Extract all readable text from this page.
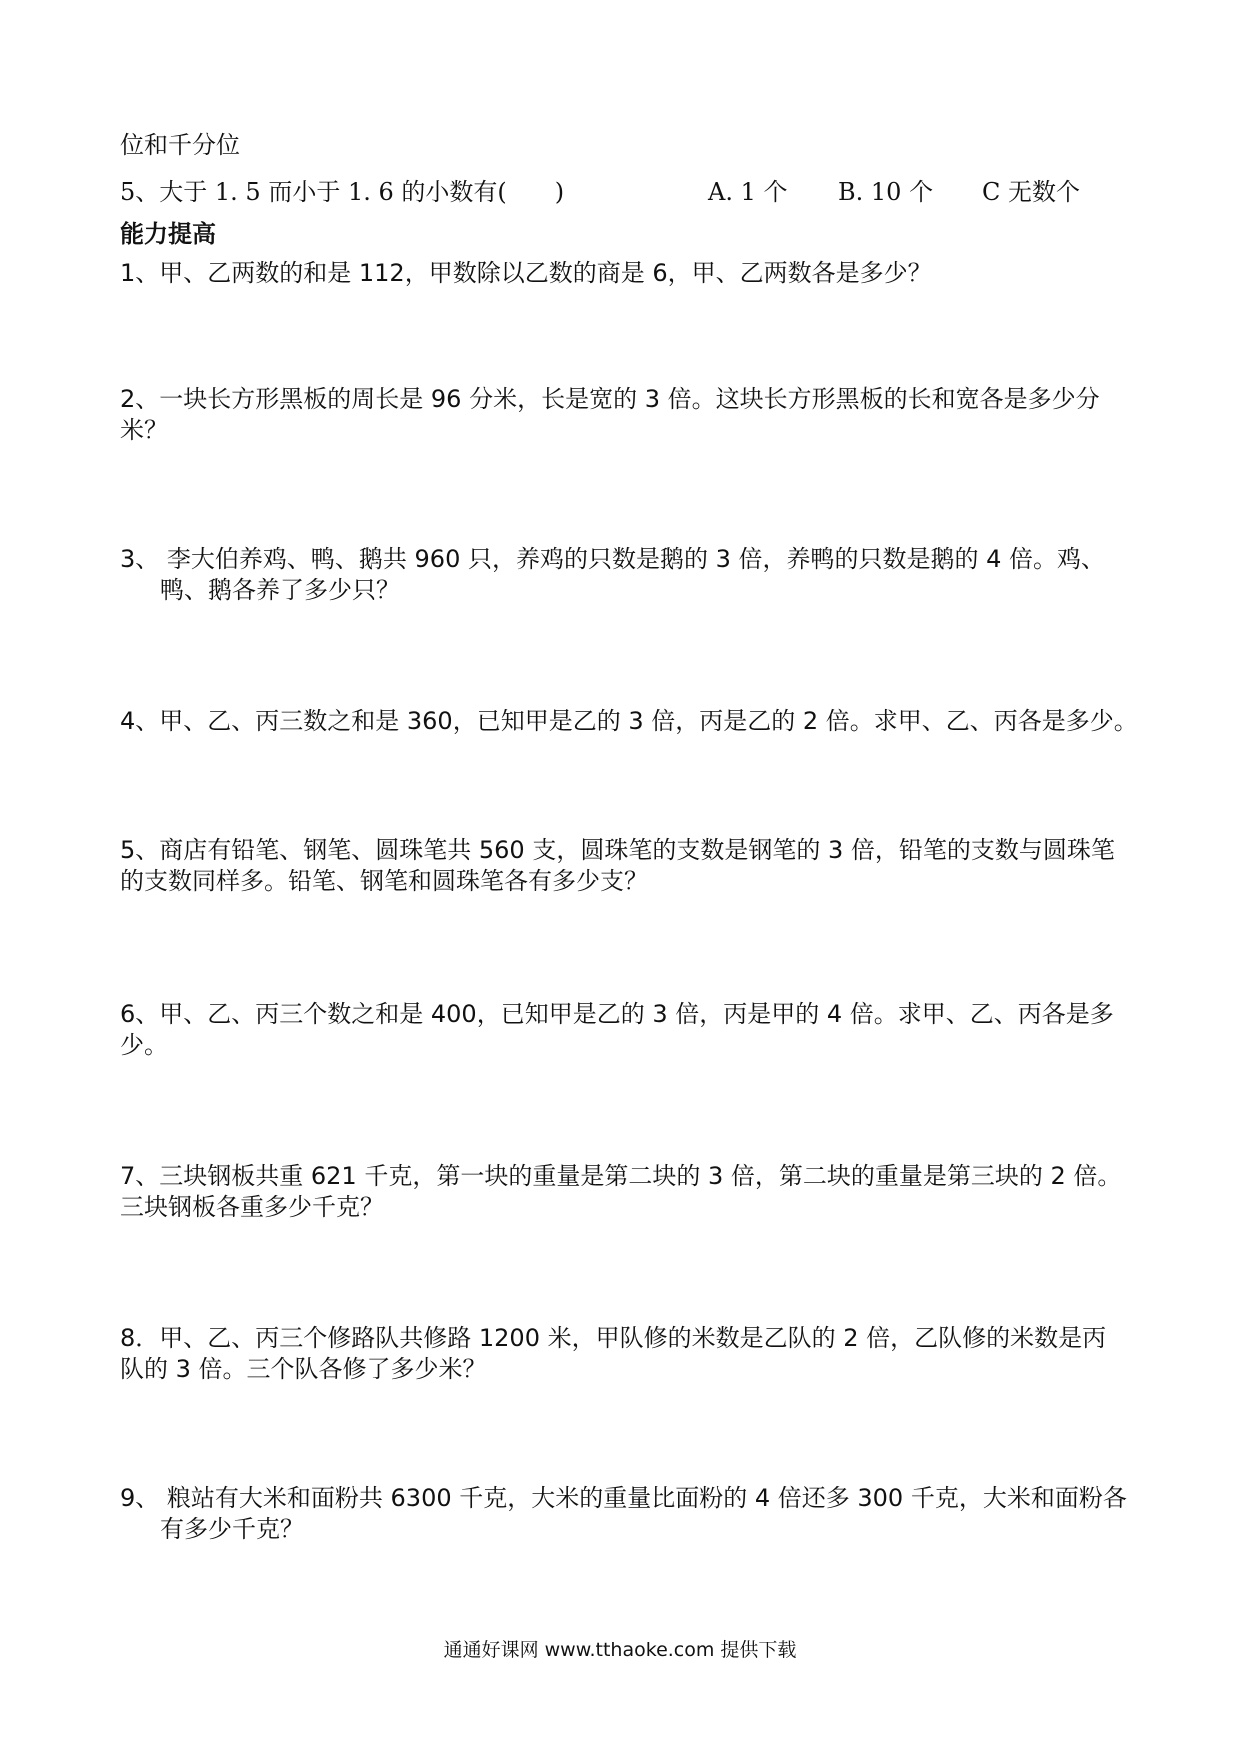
位和千分位
5、大于 1. 5 而小于 1. 6 的小数有(　　)	A. 1 个 B. 10 个 C 无数个
能力提高
1、甲、乙两数的和是 112，甲数除以乙数的商是 6，甲、乙两数各是多少？
2、一块长方形黑板的周长是 96 分米，长是宽的 3 倍。这块长方形黑板的长和宽各是多少分
米？
3、 李大伯养鸡、鸭、鹅共 960 只，养鸡的只数是鹅的 3 倍，养鸭的只数是鹅的 4 倍。鸡、
鸭、鹅各养了多少只？
4、甲、乙、丙三数之和是 360，已知甲是乙的 3 倍，丙是乙的 2 倍。求甲、乙、丙各是多少。
5、商店有铅笔、钢笔、圆珠笔共 560 支，圆珠笔的支数是钢笔的 3 倍，铅笔的支数与圆珠笔
的支数同样多。铅笔、钢笔和圆珠笔各有多少支？
6、甲、乙、丙三个数之和是 400，已知甲是乙的 3 倍，丙是甲的 4 倍。求甲、乙、丙各是多
少。
7、三块钢板共重 621 千克，第一块的重量是第二块的 3 倍，第二块的重量是第三块的 2 倍。
三块钢板各重多少千克？
8．甲、乙、丙三个修路队共修路 1200 米，甲队修的米数是乙队的 2 倍，乙队修的米数是丙
队的 3 倍。三个队各修了多少米？
9、 粮站有大米和面粉共 6300 千克，大米的重量比面粉的 4 倍还多 300 千克，大米和面粉各
有多少千克？
通通好课网 www.tthaoke.com 提供下载
